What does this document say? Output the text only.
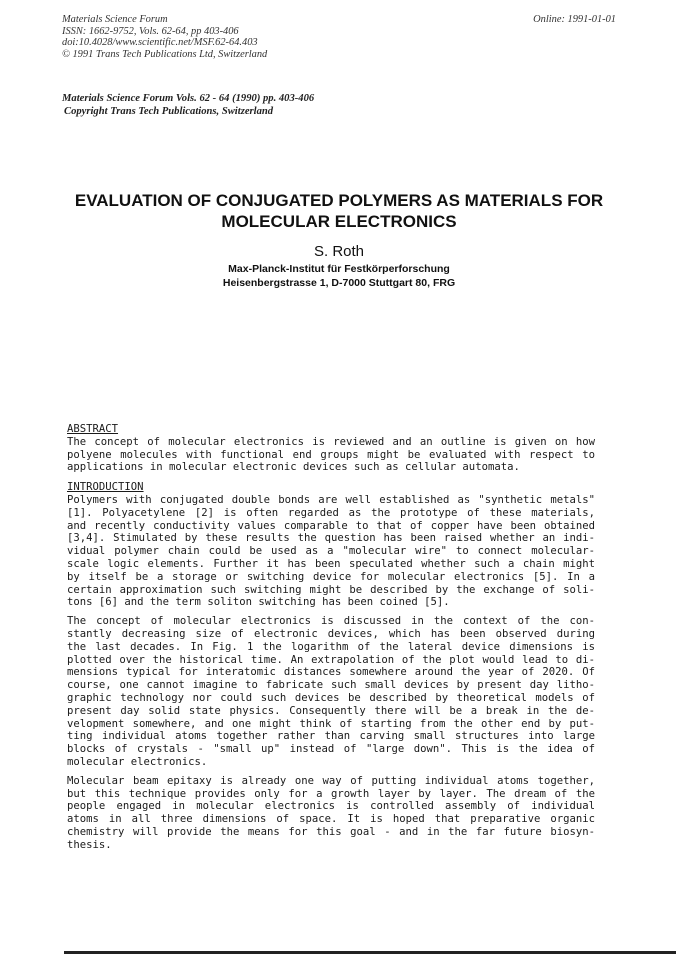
Materials Science Forum
ISSN: 1662-9752, Vols. 62-64, pp 403-406
doi:10.4028/www.scientific.net/MSF.62-64.403
© 1991 Trans Tech Publications Ltd, Switzerland
Online: 1991-01-01
Materials Science Forum Vols. 62 - 64 (1990) pp. 403-406
Copyright Trans Tech Publications, Switzerland
EVALUATION OF CONJUGATED POLYMERS AS MATERIALS FOR
MOLECULAR ELECTRONICS
S. Roth
Max-Planck-Institut für Festkörperforschung
Heisenbergstrasse 1, D-7000 Stuttgart 80, FRG
ABSTRACT
The concept of molecular electronics is reviewed and an outline is given on how
polyene molecules with functional end groups might be evaluated with respect to
applications in molecular electronic devices such as cellular automata.
INTRODUCTION
Polymers with conjugated double bonds are well established as "synthetic metals"
[1]. Polyacetylene [2] is often regarded as the prototype of these materials,
and recently conductivity values comparable to that of copper have been obtained
[3,4]. Stimulated by these results the question has been raised whether an indi-
vidual polymer chain could be used as a "molecular wire" to connect molecular-
scale logic elements. Further it has been speculated whether such a chain might
by itself be a storage or switching device for molecular electronics [5]. In a
certain approximation such switching might be described by the exchange of soli-
tons [6] and the term soliton switching has been coined [5].
The concept of molecular electronics is discussed in the context of the con-
stantly decreasing size of electronic devices, which has been observed during
the last decades. In Fig. 1 the logarithm of the lateral device dimensions is
plotted over the historical time. An extrapolation of the plot would lead to di-
mensions typical for interatomic distances somewhere around the year of 2020. Of
course, one cannot imagine to fabricate such small devices by present day litho-
graphic technology nor could such devices be described by theoretical models of
present day solid state physics. Consequently there will be a break in the de-
velopment somewhere, and one might think of starting from the other end by put-
ting individual atoms together rather than carving small structures into large
blocks of crystals - "small up" instead of "large down". This is the idea of
molecular electronics.
Molecular beam epitaxy is already one way of putting individual atoms together,
but this technique provides only for a growth layer by layer. The dream of the
people engaged in molecular electronics is controlled assembly of individual
atoms in all three dimensions of space. It is hoped that preparative organic
chemistry will provide the means for this goal - and in the far future biosyn-
thesis.
